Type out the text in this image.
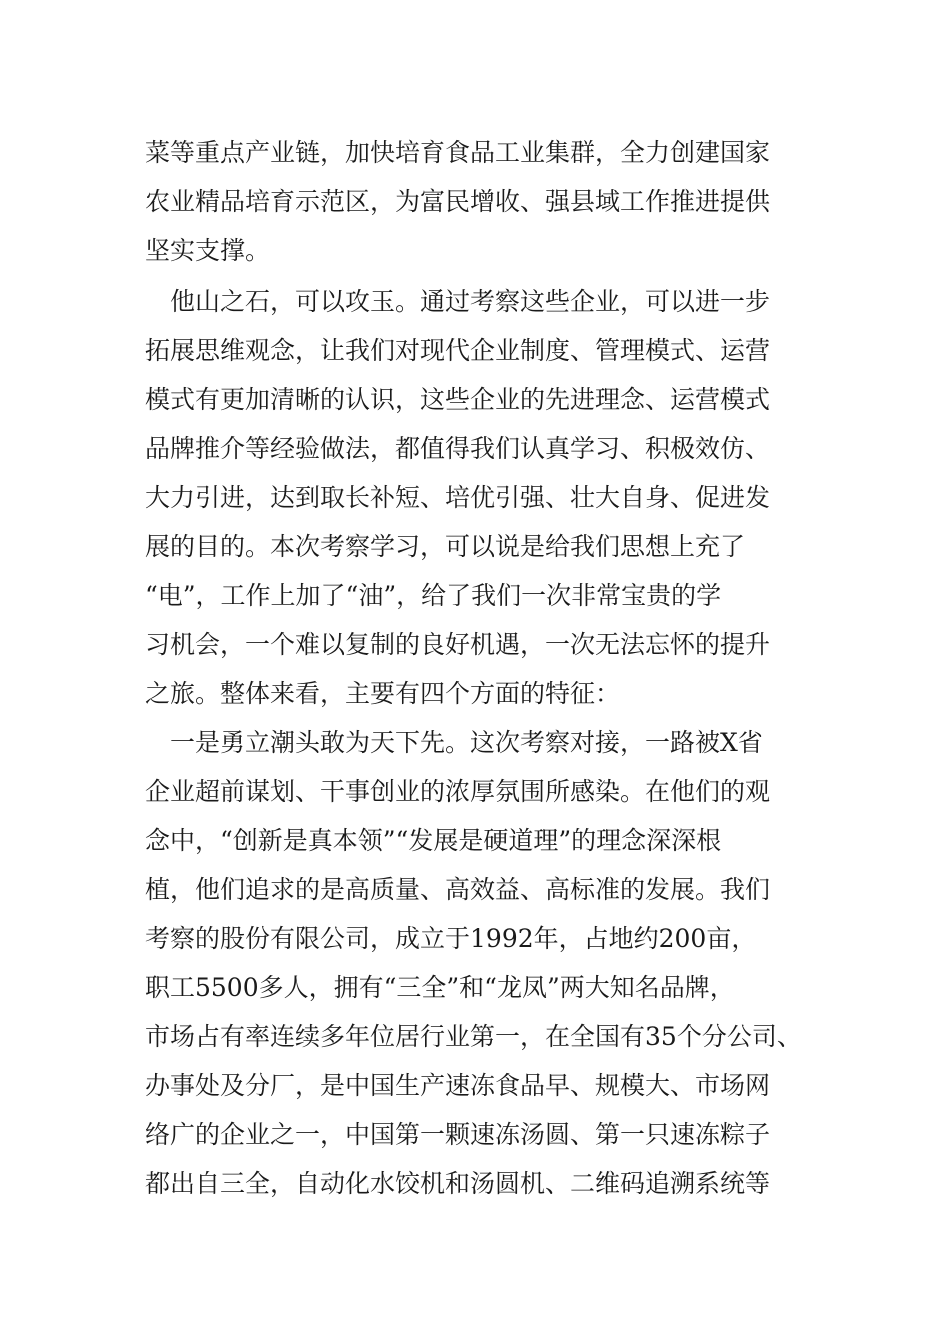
菜等重点产业链，加快培育食品工业集群，全力创建国家
农业精品培育示范区，为富民增收、强县域工作推进提供
坚实支撑。
　他山之石，可以攻玉。通过考察这些企业，可以进一步
拓展思维观念，让我们对现代企业制度、管理模式、运营
模式有更加清晰的认识，这些企业的先进理念、运营模式
品牌推介等经验做法，都值得我们认真学习、积极效仿、
大力引进，达到取长补短、培优引强、壮大自身、促进发
展的目的。本次考察学习，可以说是给我们思想上充了
“电”，工作上加了“油”，给了我们一次非常宝贵的学
习机会，一个难以复制的良好机遇，一次无法忘怀的提升
之旅。整体来看，主要有四个方面的特征：
　一是勇立潮头敢为天下先。这次考察对接，一路被X省
企业超前谋划、干事创业的浓厚氛围所感染。在他们的观
念中，“创新是真本领”“发展是硬道理”的理念深深根
植，他们追求的是高质量、高效益、高标准的发展。我们
考察的股份有限公司，成立于1992年，占地约200亩，
职工5500多人，拥有“三全”和“龙凤”两大知名品牌，
市场占有率连续多年位居行业第一，在全国有35个分公司、
办事处及分厂，是中国生产速冻食品早、规模大、市场网
络广的企业之一，中国第一颗速冻汤圆、第一只速冻粽子
都出自三全，自动化水饺机和汤圆机、二维码追溯系统等
